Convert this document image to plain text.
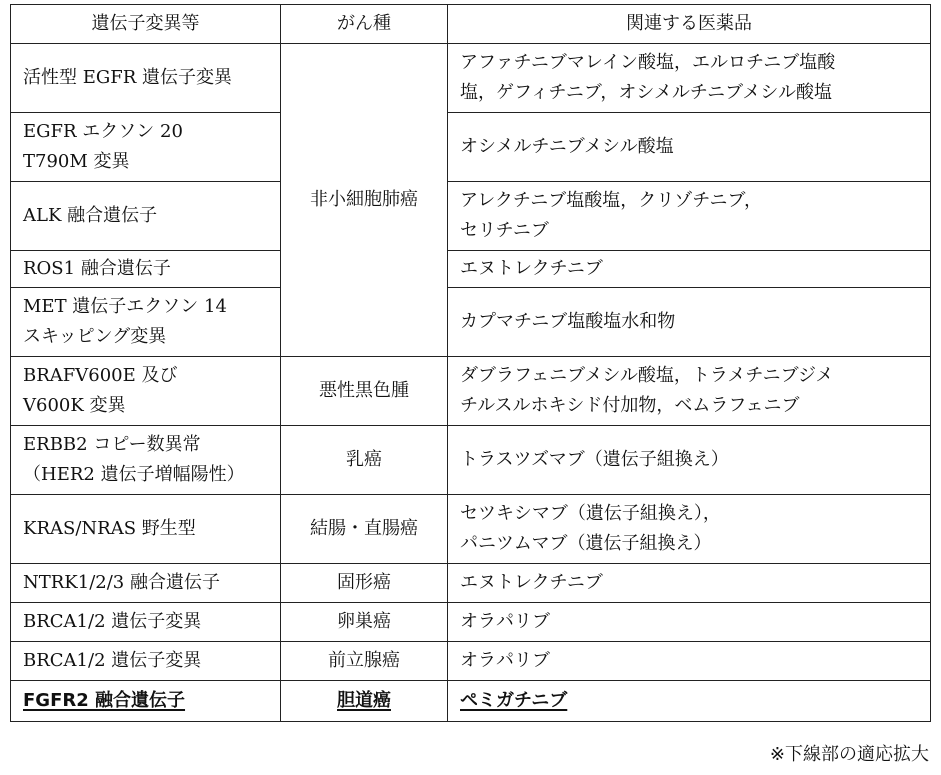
遺伝子変異等	がん種	関連する医薬品

活性型 EGFR 遺伝子変異	非小細胞肺癌	アファチニブマレイン酸塩，エルロチニブ塩酸
塩，ゲフィチニブ，オシメルチニブメシル酸塩

EGFR エクソン 20
T790M 変異		オシメルチニブメシル酸塩

ALK 融合遺伝子		アレクチニブ塩酸塩，クリゾチニブ，
セリチニブ

ROS1 融合遺伝子		エヌトレクチニブ

MET 遺伝子エクソン 14
スキッピング変異		カプマチニブ塩酸塩水和物

BRAFV600E 及び
V600K 変異	悪性黒色腫	ダブラフェニブメシル酸塩，トラメチニブジメ
チルスルホキシド付加物，ベムラフェニブ

ERBB2 コピー数異常
（HER2 遺伝子増幅陽性）	乳癌	トラスツズマブ（遺伝子組換え）

KRAS/NRAS 野生型	結腸・直腸癌	セツキシマブ（遺伝子組換え），
パニツムマブ（遺伝子組換え）

NTRK1/2/3 融合遺伝子	固形癌	エヌトレクチニブ

BRCA1/2 遺伝子変異	卵巣癌	オラパリブ

BRCA1/2 遺伝子変異	前立腺癌	オラパリブ

FGFR2 融合遺伝子	胆道癌	ペミガチニブ
※下線部の適応拡大
